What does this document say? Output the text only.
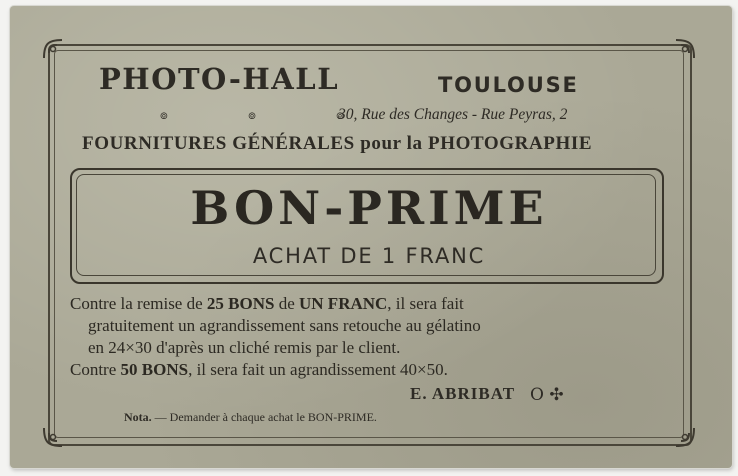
PHOTO-HALL	TOULOUSE
๏ ๏ ๏
30, Rue des Changes - Rue Peyras, 2
FOURNITURES GÉNÉRALES pour la PHOTOGRAPHIE
BON-PRIME
ACHAT DE 1 FRANC
Contre la remise de 25 BONS de UN FRANC, il sera fait
gratuitement un agrandissement sans retouche au gélatino
en 24×30 d'après un cliché remis par le client.
Contre 50 BONS, il sera fait un agrandissement 40×50.
E. ABRIBAT O ✣
Nota. — Demander à chaque achat le BON-PRIME.
